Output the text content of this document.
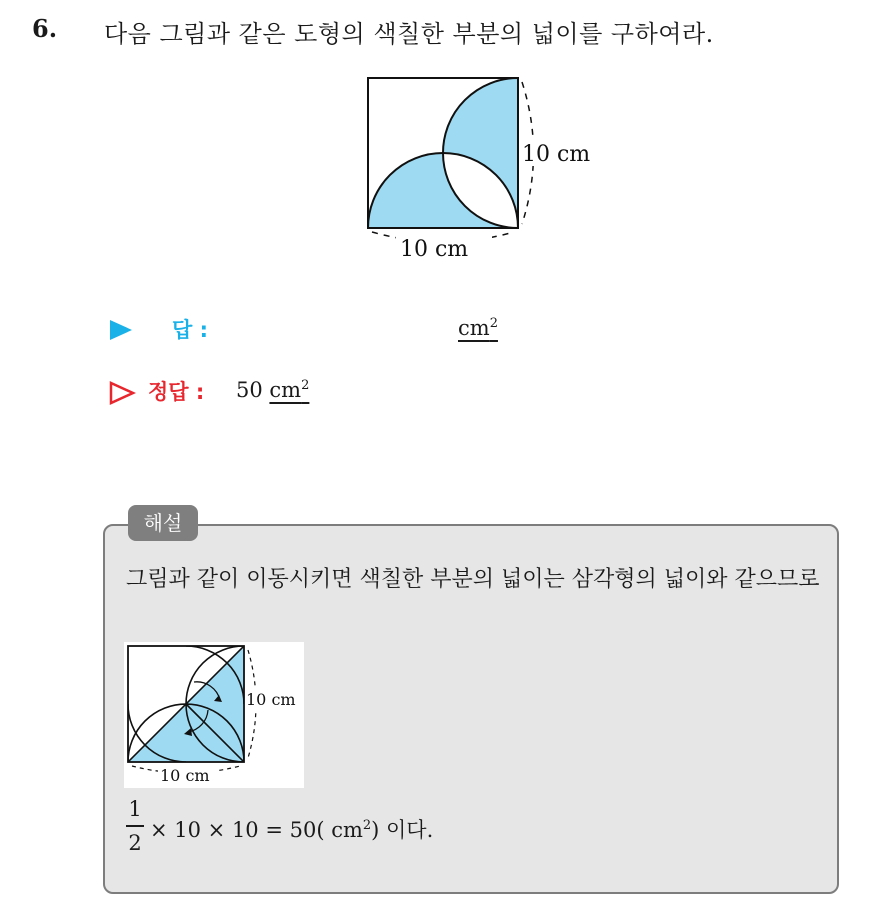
6. 다음 그림과 같은 도형의 색칠한 부분의 넓이를 구하여라.
10 cm
10 cm
답 :	$cm^2$
정답 : 50 $cm^2$
해설
그림과 같이 이동시키면 색칠한 부분의 넓이는 삼각형의 넓이와 같으므로
10 cm
10 cm
1
2
× 10 × 10 = 50( $cm^2$) 이다.
